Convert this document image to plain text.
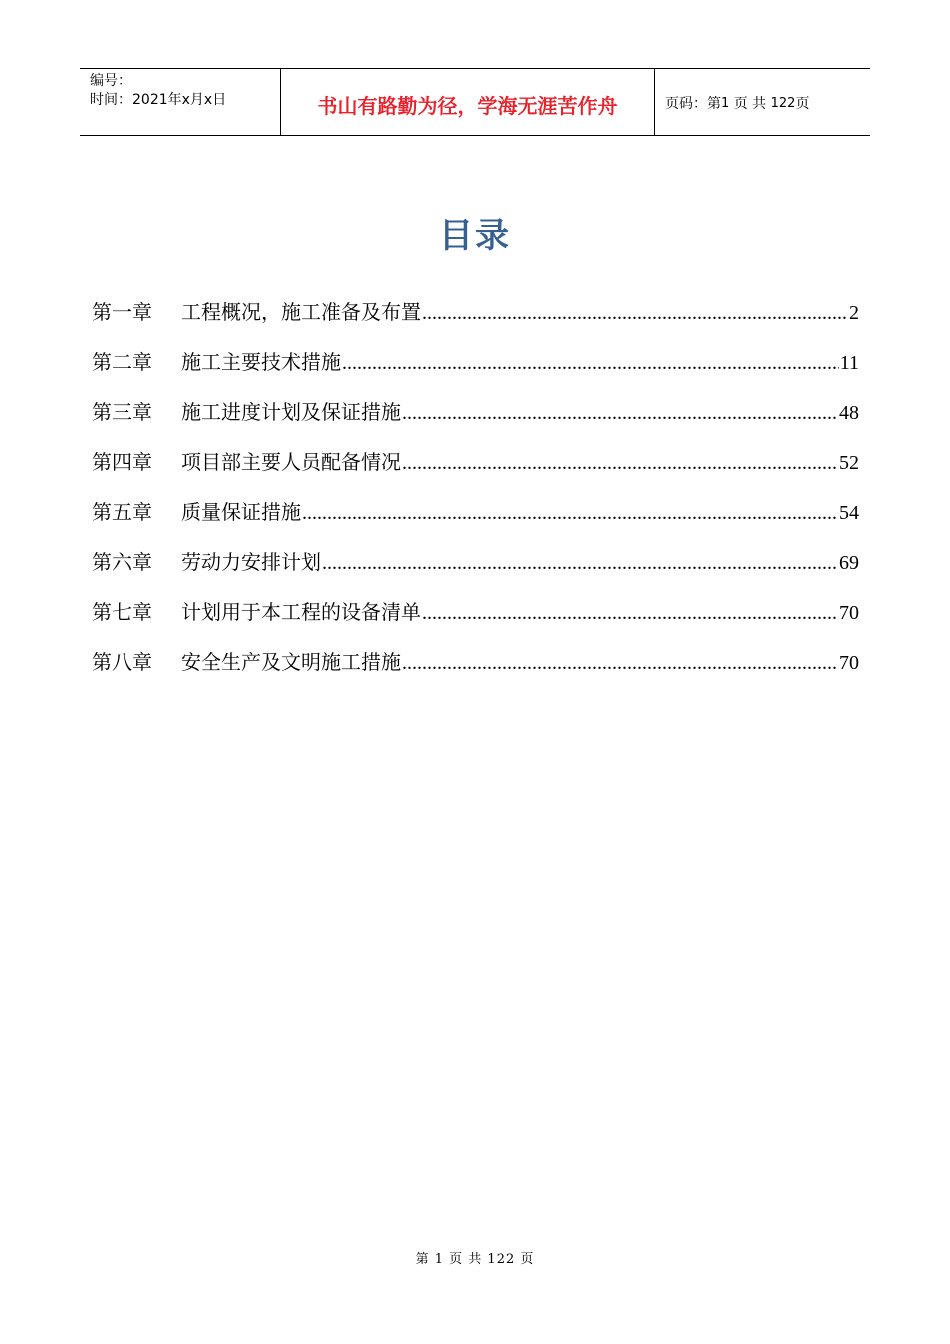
编号：
时间：2021年x月x日	书山有路勤为径，学海无涯苦作舟	页码：第 1
页 共
122 页
目录
第一章	工程概况，施工准备及布置 .....	2
第二章	施工主要技术措施 .....	11
第三章	施工进度计划及保证措施 .....	48
第四章	项目部主要人员配备情况 .....	52
第五章	质量保证措施 .....	54
第六章	劳动力安排计划 .....	69
第七章	计划用于本工程的设备清单 .....	70
第八章	安全生产及文明施工措施 .....	70
第 1 页 共 122 页
